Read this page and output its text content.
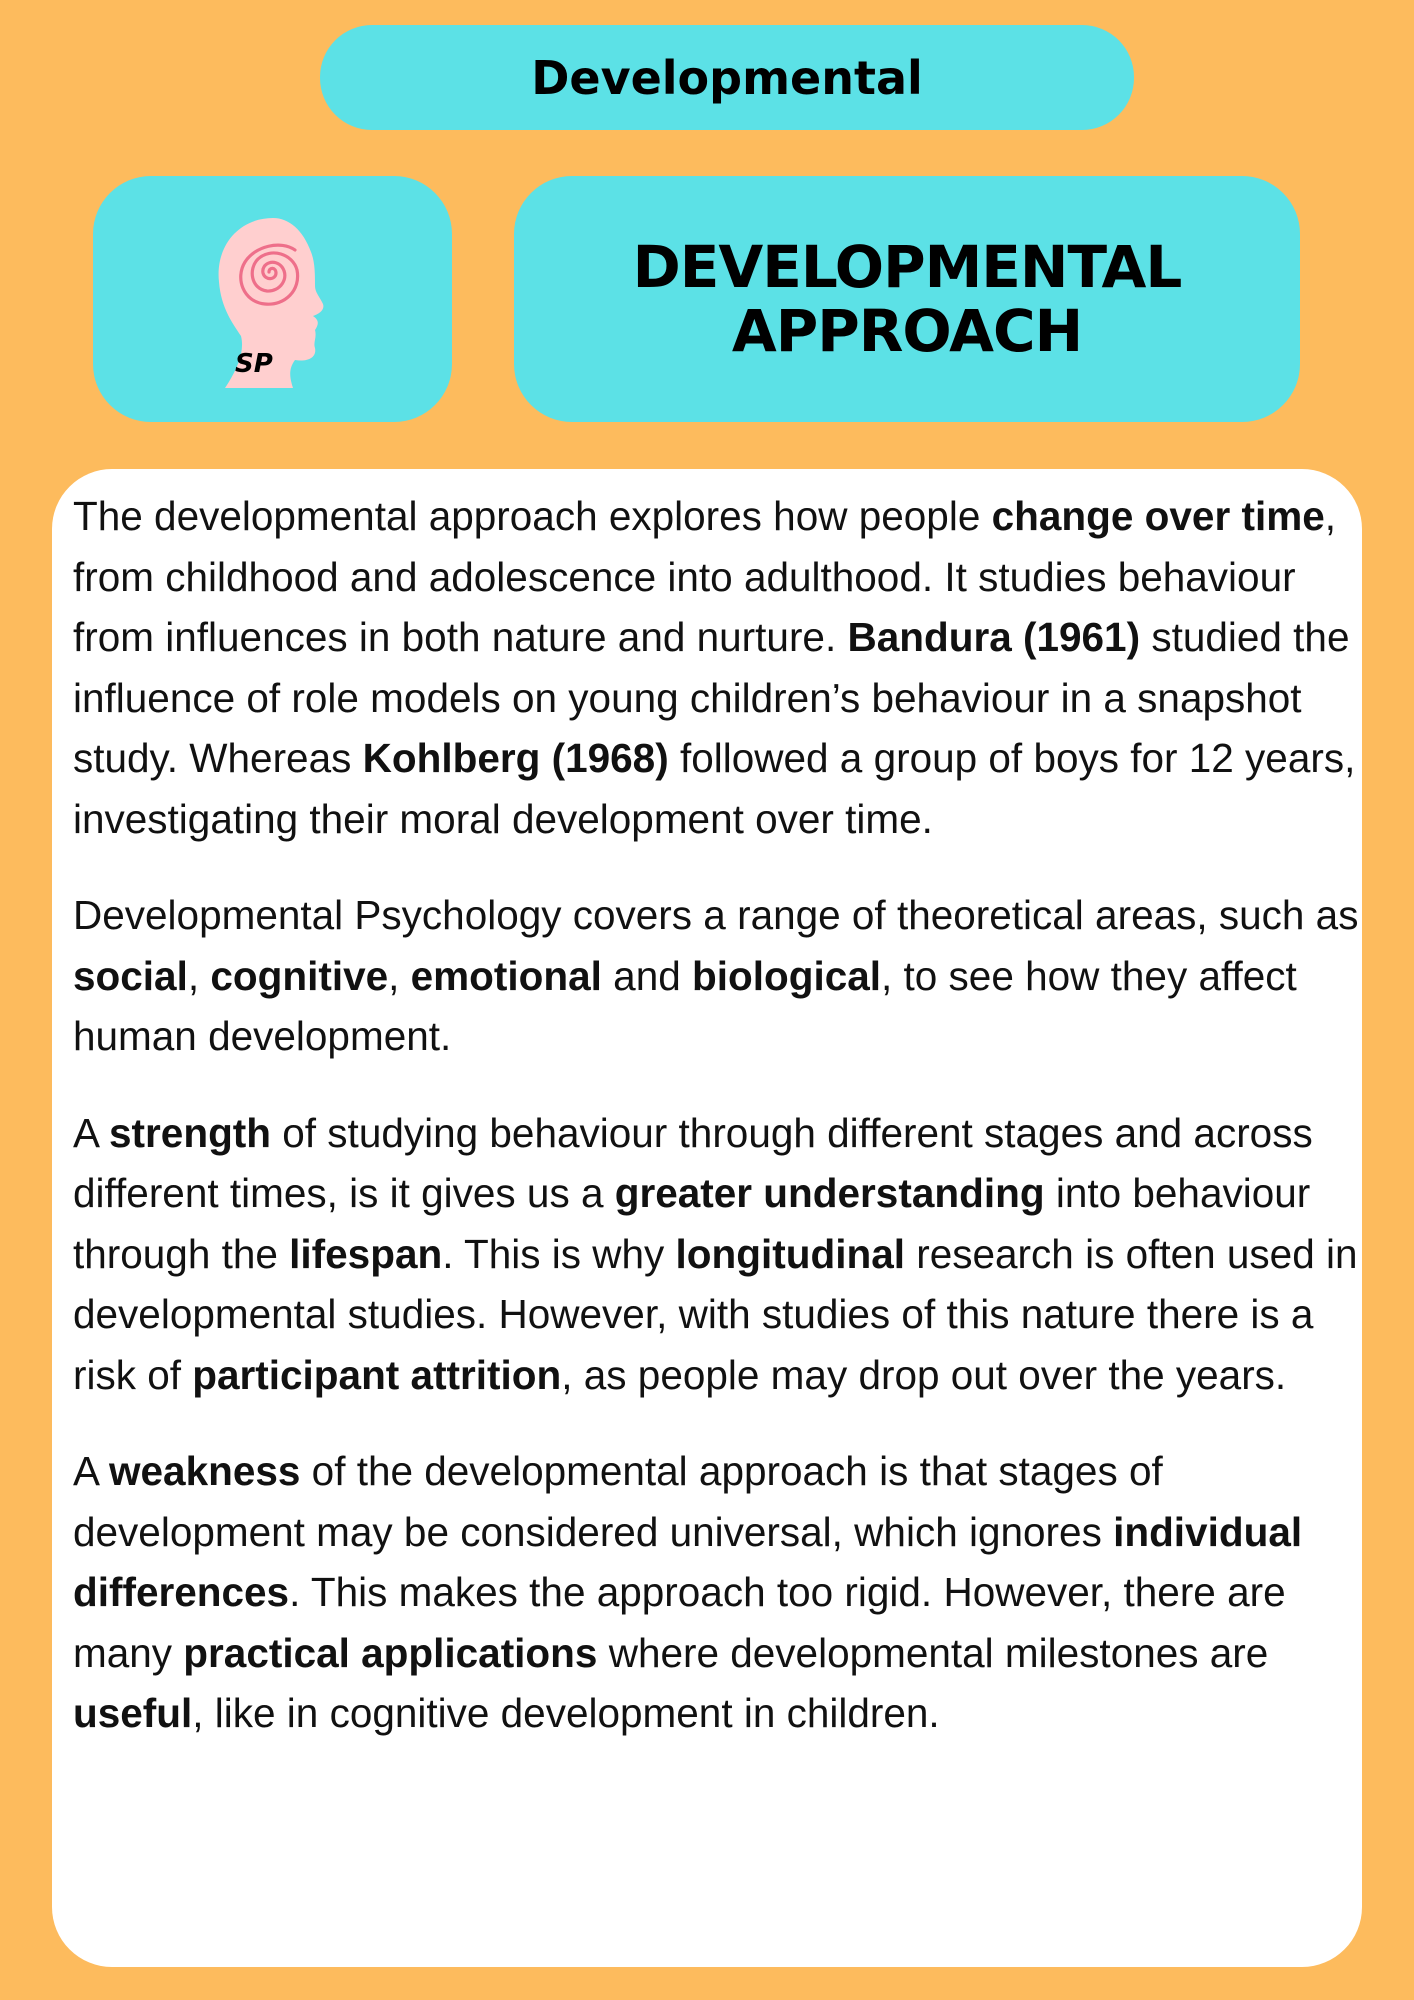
Developmental
SP
DEVELOPMENTAL
APPROACH

The developmental approach explores how people change over time, from childhood and adolescence into adulthood. It studies behaviour from influences in both nature and nurture. Bandura (1961) studied the influence of role models on young children’s behaviour in a snapshot study. Whereas Kohlberg (1968) followed a group of boys for 12 years, investigating their moral development over time.

Developmental Psychology covers a range of theoretical areas, such as social, cognitive, emotional and biological, to see how they affect human development.

A strength of studying behaviour through different stages and across different times, is it gives us a greater understanding into behaviour through the lifespan. This is why longitudinal research is often used in developmental studies. However, with studies of this nature there is a risk of participant attrition, as people may drop out over the years.

A weakness of the developmental approach is that stages of development may be considered universal, which ignores individual differences. This makes the approach too rigid. However, there are many practical applications where developmental milestones are useful, like in cognitive development in children.
